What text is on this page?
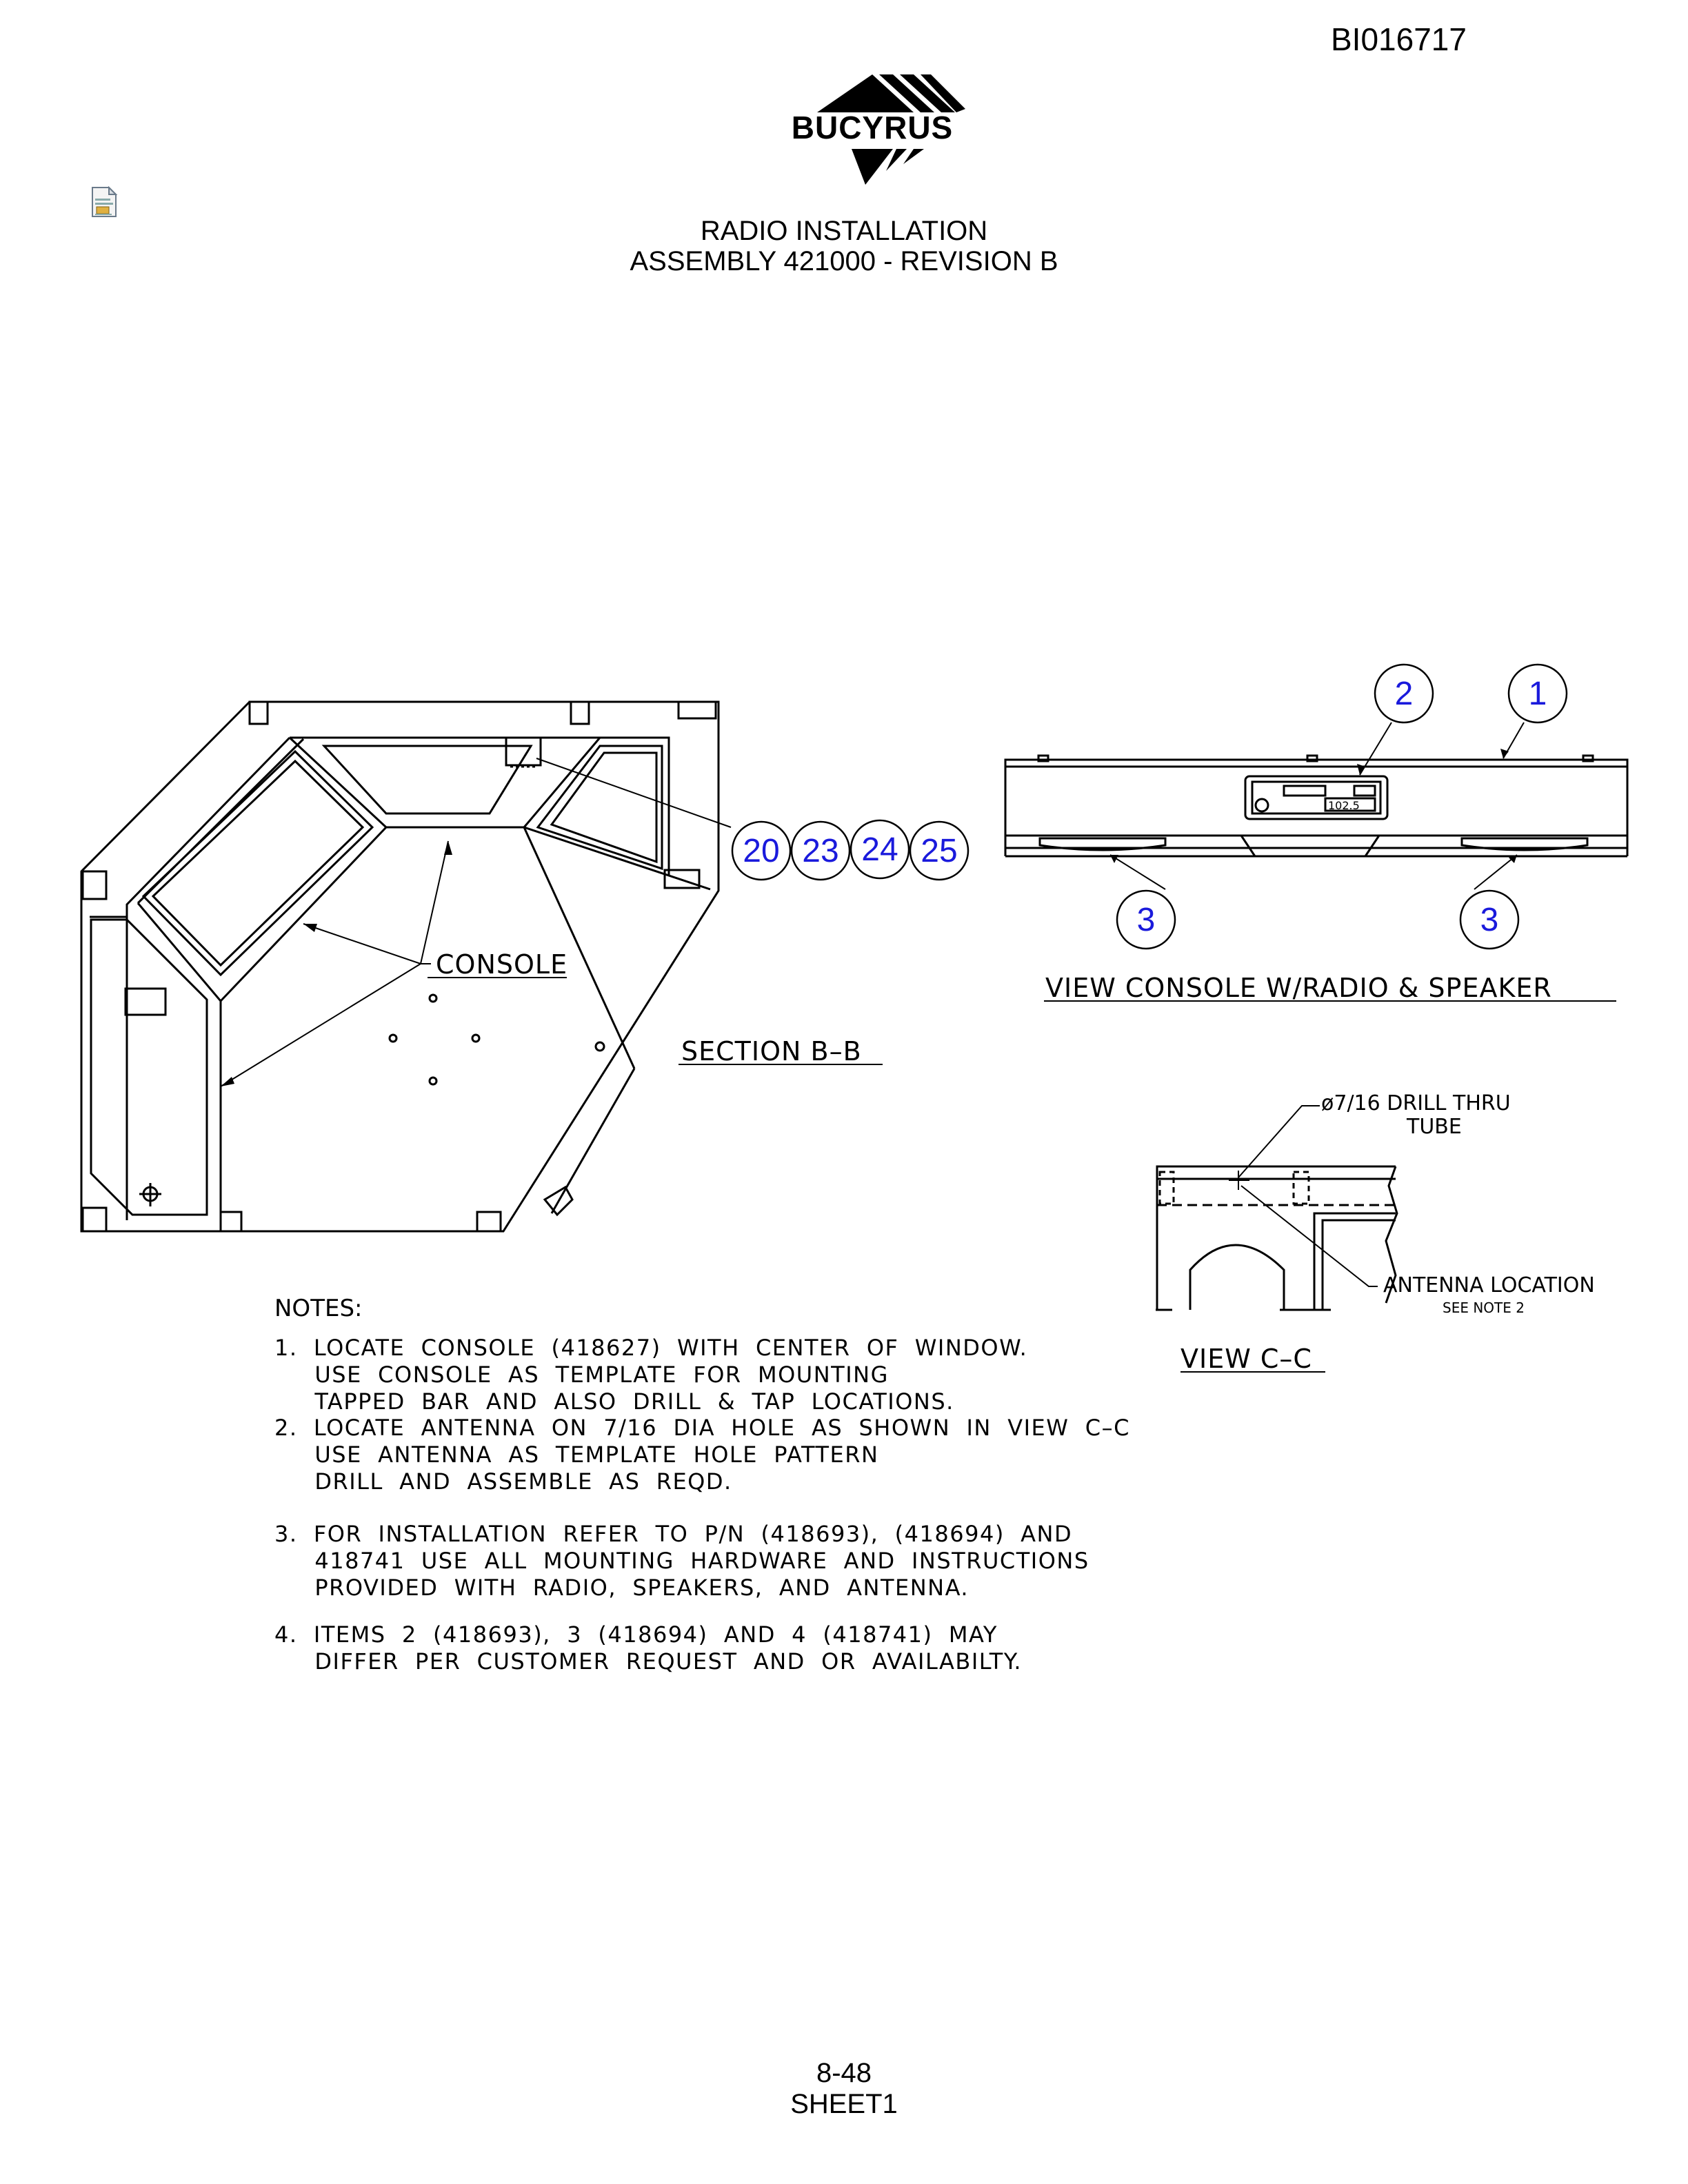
BI016717
BUCYRUS
RADIO INSTALLATION
ASSEMBLY 421000 - REVISION B
20 23 24 25
2	1
3	3
CONSOLE
SECTION B–B
VIEW CONSOLE W/RADIO & SPEAKER
VIEW C–C
ø7/16 DRILL THRU
TUBE
ANTENNA LOCATION
SEE NOTE 2
102.5
NOTES:
1.  LOCATE  CONSOLE  (418627)  WITH  CENTER  OF  WINDOW.
USE  CONSOLE  AS  TEMPLATE  FOR  MOUNTING
TAPPED  BAR  AND  ALSO  DRILL  &  TAP  LOCATIONS.
2.  LOCATE  ANTENNA  ON  7/16  DIA  HOLE  AS  SHOWN  IN  VIEW  C–C
USE  ANTENNA  AS  TEMPLATE  HOLE  PATTERN
DRILL  AND  ASSEMBLE  AS  REQD.
3.  FOR  INSTALLATION  REFER  TO  P/N  (418693),  (418694)  AND
418741  USE  ALL  MOUNTING  HARDWARE  AND  INSTRUCTIONS
PROVIDED  WITH  RADIO,  SPEAKERS,  AND  ANTENNA.
4.  ITEMS  2  (418693),  3  (418694)  AND  4  (418741)  MAY
DIFFER  PER  CUSTOMER  REQUEST  AND  OR  AVAILABILTY.
8-48
SHEET1
